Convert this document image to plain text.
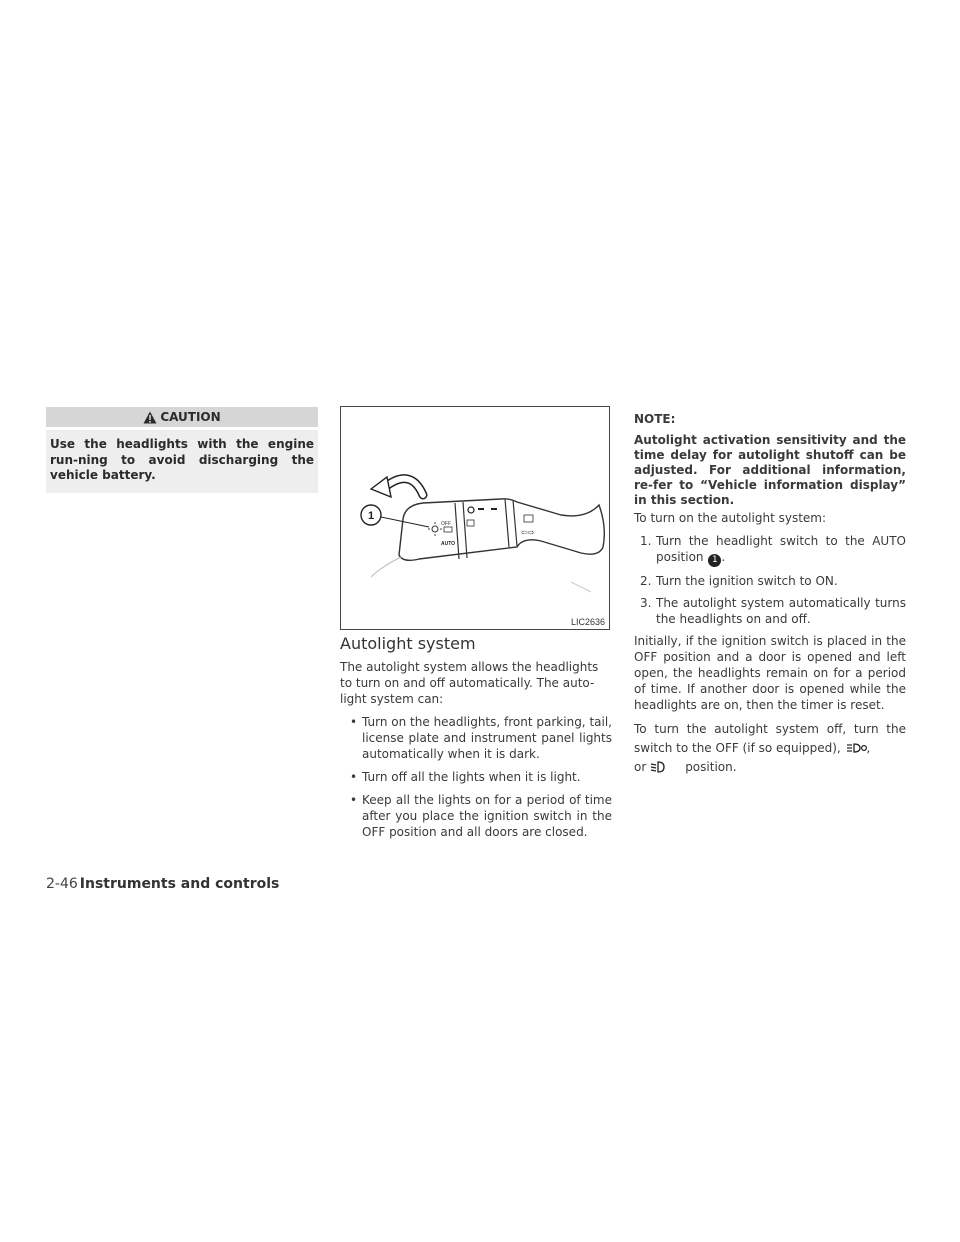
CAUTION
Use the headlights with the engine run-ning to avoid discharging the vehicle battery.
1
OFF
AUTO
⇦⇨
LIC2636
Autolight system

The autolight system allows the headlights to turn on and off automatically. The auto-light system can:

• Turn on the headlights, front parking, tail, license plate and instrument panel lights automatically when it is dark.
• Turn off all the lights when it is light.
• Keep all the lights on for a period of time after you place the ignition switch in the OFF position and all doors are closed.

NOTE:

Autolight activation sensitivity and the time delay for autolight shutoff can be adjusted. For additional information, re-fer to “Vehicle information display” in this section.

To turn on the autolight system:

1. Turn the headlight switch to the AUTO position 1 .
2. Turn the ignition switch to ON.
3. The autolight system automatically turns the headlights on and off.

Initially, if the ignition switch is placed in the OFF position and a door is opened and left open, the headlights remain on for a period of time. If another door is opened while the headlights are on, then the timer is reset.

To turn the autolight system off, turn the switch to the OFF (if so equipped), ,
or	position.

2-46 Instruments and controls
